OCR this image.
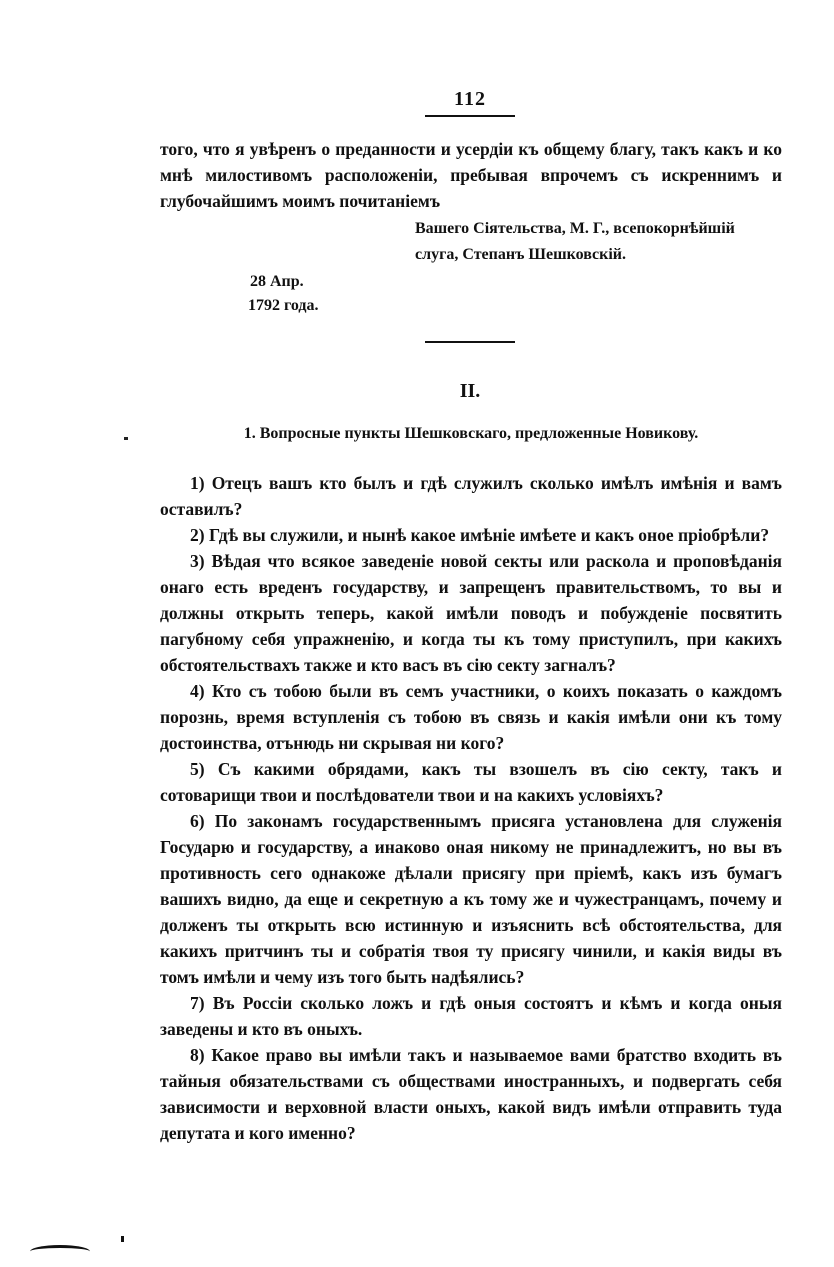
112
того, что я увѣренъ о преданности и усердіи къ общему благу, такъ какъ и ко мнѣ милостивомъ расположеніи, пребывая впрочемъ съ искреннимъ и глубочайшимъ моимъ почитаніемъ
Вашего Сіятельства, М. Г., всепокорнѣйшій
слуга, Степанъ Шешковскій.
28 Апр.
1792 года.
II.
1. Вопросные пункты Шешковскаго, предложенные Новикову.

1) Отецъ вашъ кто былъ и гдѣ служилъ сколько имѣлъ имѣнія и вамъ оставилъ?

2) Гдѣ вы служили, и нынѣ какое имѣніе имѣете и какъ оное пріобрѣли?

3) Вѣдая что всякое заведеніе новой секты или раскола и проповѣданія онаго есть вреденъ государству, и запрещенъ правительствомъ, то вы и должны открыть теперь, какой имѣли поводъ и побужденіе посвятить пагубному себя упражненію, и когда ты къ тому приступилъ, при какихъ обстоятельствахъ также и кто васъ въ сію секту загналъ?

4) Кто съ тобою были въ семъ участники, о коихъ показать о каждомъ порознь, время вступленія съ тобою въ связь и какія имѣли они къ тому достоинства, отънюдь ни скрывая ни кого?

5) Съ какими обрядами, какъ ты взошелъ въ сію секту, такъ и сотоварищи твои и послѣдователи твои и на какихъ условіяхъ?

6) По законамъ государственнымъ присяга установлена для служенія Государю и государству, а инаково оная никому не принадлежитъ, но вы въ противность сего однакоже дѣлали присягу при пріемѣ, какъ изъ бумагъ вашихъ видно, да еще и секретную а къ тому же и чужестранцамъ, почему и долженъ ты открыть всю истинную и изъяснить всѣ обстоятельства, для какихъ притчинъ ты и собратія твоя ту присягу чинили, и какія виды въ томъ имѣли и чему изъ того быть надѣялись?

7) Въ Россіи сколько ложъ и гдѣ оныя состоятъ и кѣмъ и когда оныя заведены и кто въ оныхъ.

8) Какое право вы имѣли такъ и называемое вами братство входить въ тайныя обязательствами съ обществами иностранныхъ, и подвергать себя зависимости и верховной власти оныхъ, какой видъ имѣли отправить туда депутата и кого именно?
